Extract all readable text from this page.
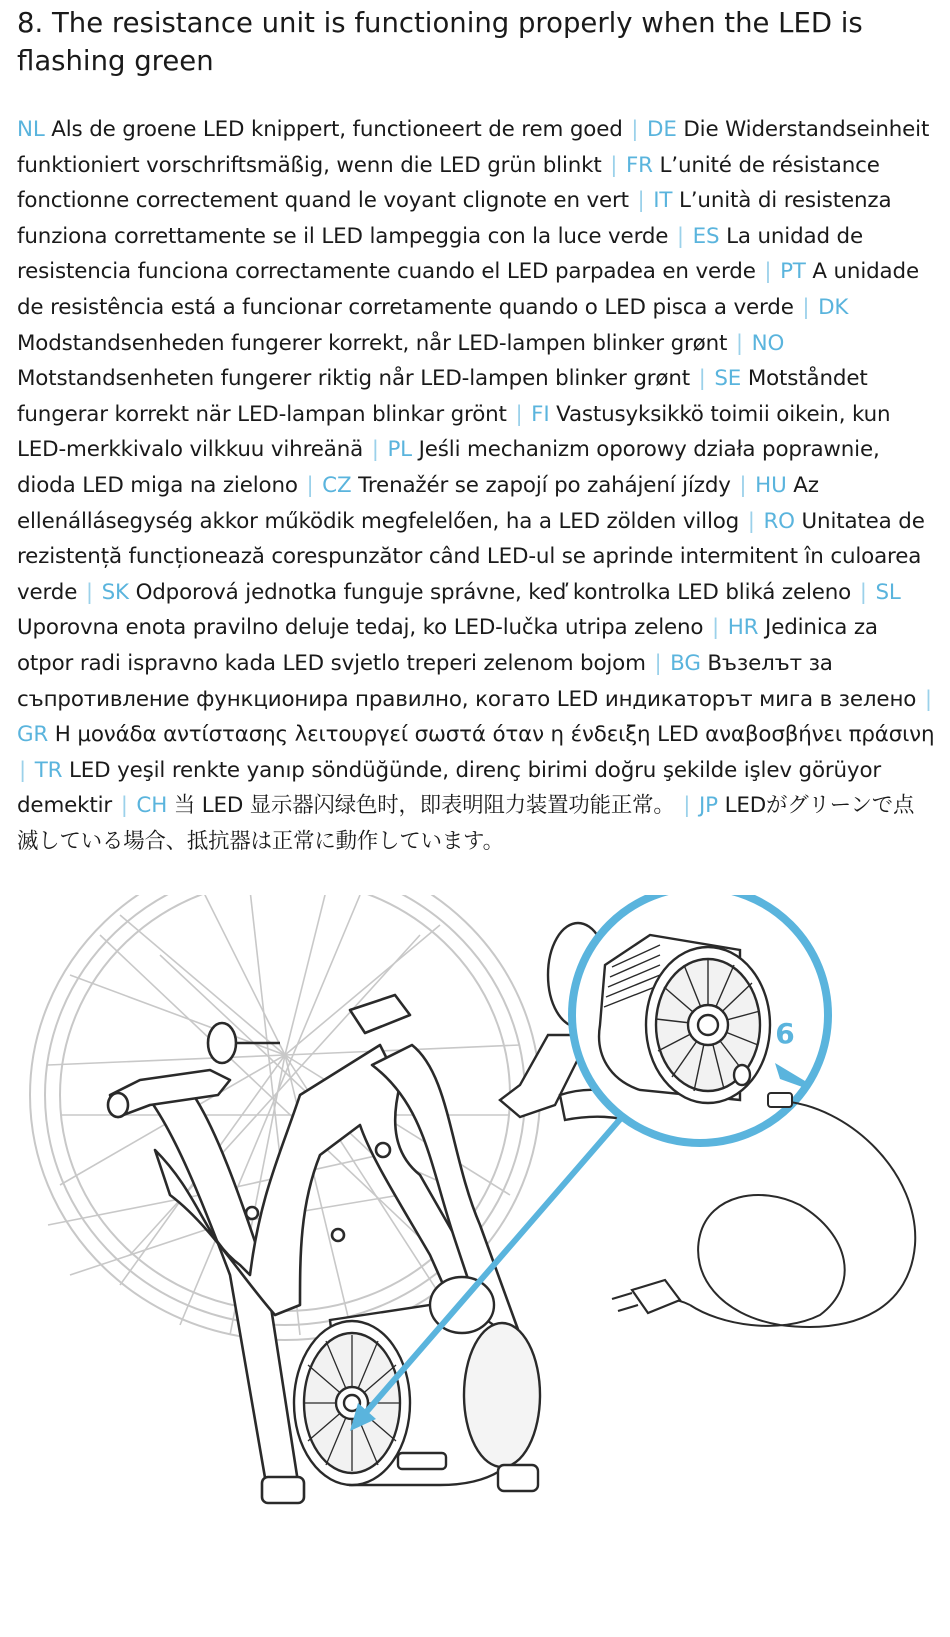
8. The resistance unit is functioning properly when the LED is flashing green

NL Als de groene LED knippert, functioneert de rem goed | DE Die Widerstandseinheit funktioniert vorschriftsmäßig, wenn die LED grün blinkt | FR L’unité de résistance fonctionne correctement quand le voyant clignote en vert | IT L’unità di resistenza funziona correttamente se il LED lampeggia con la luce verde | ES La unidad de resistencia funciona correctamente cuando el LED parpadea en verde | PT A unidade de resistência está a funcionar corretamente quando o LED pisca a verde | DK Modstandsenheden fungerer korrekt, når LED-lampen blinker grønt | NO Motstandsenheten fungerer riktig når LED-lampen blinker grønt | SE Motståndet fungerar korrekt när LED-lampan blinkar grönt | FI Vastusyksikkö toimii oikein, kun LED-merkkivalo vilkkuu vihreänä | PL Jeśli mechanizm oporowy działa poprawnie, dioda LED miga na zielono | CZ Trenažér se zapojí po zahájení jízdy | HU Az ellenállásegység akkor működik megfelelően, ha a LED zölden villog | RO Unitatea de rezistență funcționează corespunzător când LED-ul se aprinde intermitent în culoarea verde | SK Odporová jednotka funguje správne, keď kontrolka LED bliká zeleno | SL Uporovna enota pravilno deluje tedaj, ko LED-lučka utripa zeleno | HR Jedinica za otpor radi ispravno kada LED svjetlo treperi zelenom bojom | BG Възелът за съпротивление функционира правилно, когато LED индикаторът мига в зелено | GR Η μονάδα αντίστασης λειτουργεί σωστά όταν η ένδειξη LED αναβοσβήνει πράσινη | TR LED yeşil renkte yanıp söndüğünde, direnç birimi doğru şekilde işlev görüyor demektir | CH 当 LED 显示器闪绿色时，即表明阻力装置功能正常。 | JP LEDがグリーンで点滅している場合、抵抗器は正常に動作しています。

6
